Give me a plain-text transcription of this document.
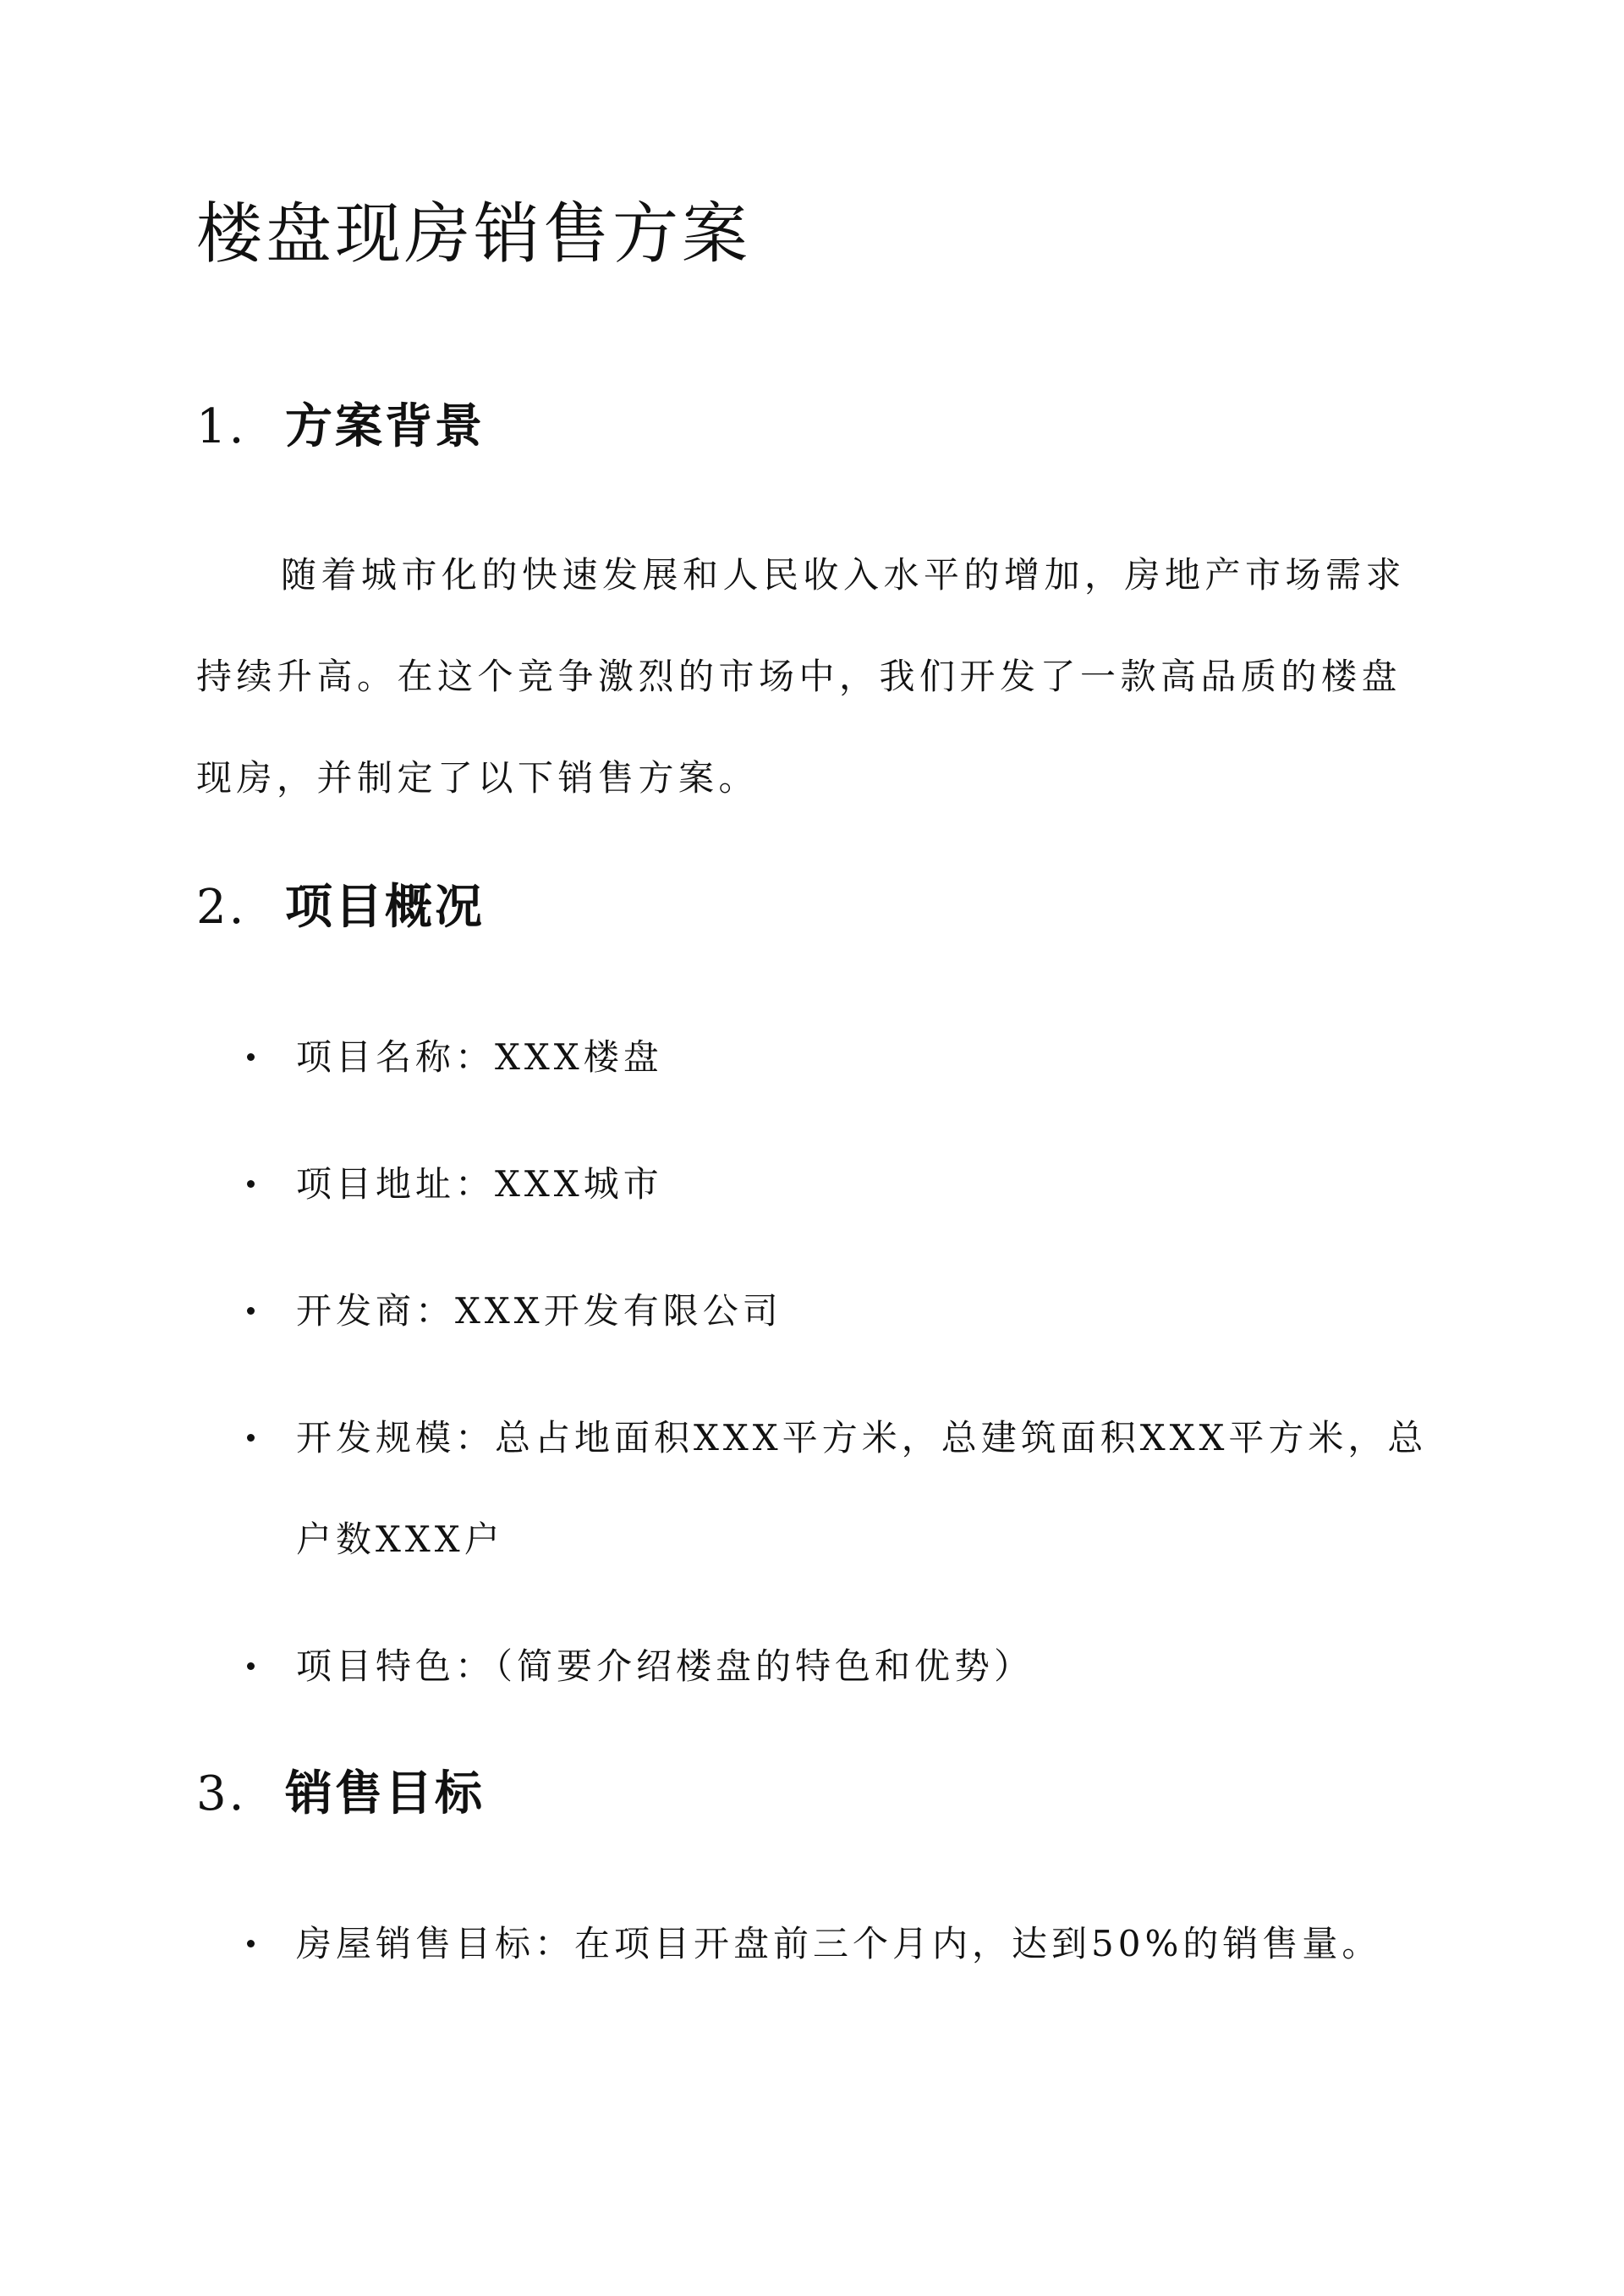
楼盘现房销售方案
1. 方案背景

随着城市化的快速发展和人民收入水平的增加，房地产市场需求持续升高。在这个竞争激烈的市场中，我们开发了一款高品质的楼盘现房，并制定了以下销售方案。

2. 项目概况
项目名称：XXX楼盘
项目地址：XXX城市
开发商：XXX开发有限公司
开发规模：总占地面积XXX平方米，总建筑面积XXX平方米，总户数XXX户
项目特色：（简要介绍楼盘的特色和优势）
3. 销售目标
房屋销售目标：在项目开盘前三个月内，达到50%的销售量。
